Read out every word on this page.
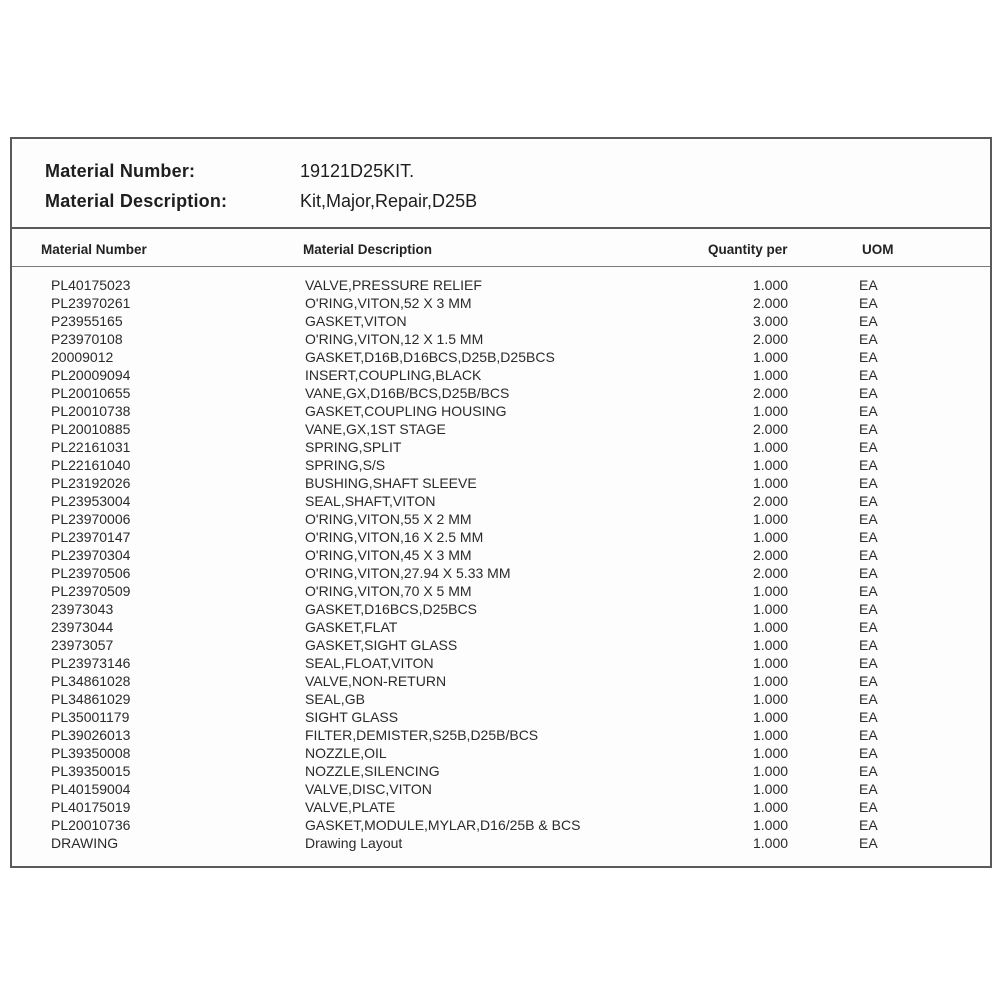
Material Number:	19121D25KIT.
Material Description:	Kit,Major,Repair,D25B
Material Number	Material Description	Quantity per	UOM
PL40175023	VALVE,PRESSURE RELIEF	1.000	EA
PL23970261	O'RING,VITON,52 X 3 MM	2.000	EA
P23955165	GASKET,VITON	3.000	EA
P23970108	O'RING,VITON,12 X 1.5 MM	2.000	EA
20009012	GASKET,D16B,D16BCS,D25B,D25BCS	1.000	EA
PL20009094	INSERT,COUPLING,BLACK	1.000	EA
PL20010655	VANE,GX,D16B/BCS,D25B/BCS	2.000	EA
PL20010738	GASKET,COUPLING HOUSING	1.000	EA
PL20010885	VANE,GX,1ST STAGE	2.000	EA
PL22161031	SPRING,SPLIT	1.000	EA
PL22161040	SPRING,S/S	1.000	EA
PL23192026	BUSHING,SHAFT SLEEVE	1.000	EA
PL23953004	SEAL,SHAFT,VITON	2.000	EA
PL23970006	O'RING,VITON,55 X 2 MM	1.000	EA
PL23970147	O'RING,VITON,16 X 2.5 MM	1.000	EA
PL23970304	O'RING,VITON,45 X 3 MM	2.000	EA
PL23970506	O'RING,VITON,27.94 X 5.33 MM	2.000	EA
PL23970509	O'RING,VITON,70 X 5 MM	1.000	EA
23973043	GASKET,D16BCS,D25BCS	1.000	EA
23973044	GASKET,FLAT	1.000	EA
23973057	GASKET,SIGHT GLASS	1.000	EA
PL23973146	SEAL,FLOAT,VITON	1.000	EA
PL34861028	VALVE,NON-RETURN	1.000	EA
PL34861029	SEAL,GB	1.000	EA
PL35001179	SIGHT GLASS	1.000	EA
PL39026013	FILTER,DEMISTER,S25B,D25B/BCS	1.000	EA
PL39350008	NOZZLE,OIL	1.000	EA
PL39350015	NOZZLE,SILENCING	1.000	EA
PL40159004	VALVE,DISC,VITON	1.000	EA
PL40175019	VALVE,PLATE	1.000	EA
PL20010736	GASKET,MODULE,MYLAR,D16/25B & BCS	1.000	EA
DRAWING	Drawing Layout	1.000	EA
